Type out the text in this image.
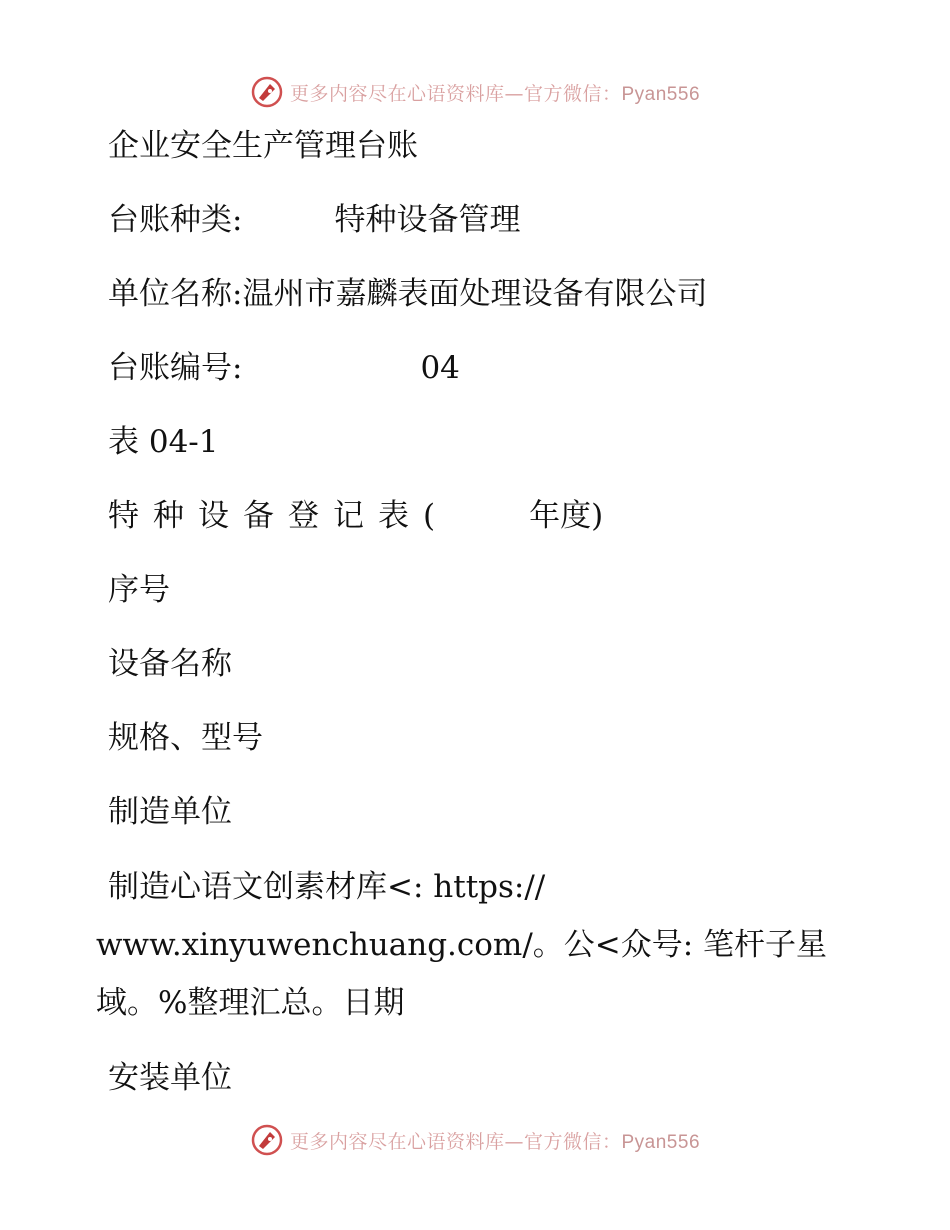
更多内容尽在心语资料库—官方微信：Pyan556
企业安全生产管理台账
台账种类:	特种设备管理
单位名称:温州市嘉麟表面处理设备有限公司
台账编号:	04
表 04-1
特种设备登记表(	年度)
序号
设备名称
规格、型号
制造单位
制造心语文创素材库<: https://
www.xinyuwenchuang.com/。公<众号: 笔杆子星
域。%整理汇总。日期
安装单位
更多内容尽在心语资料库—官方微信：Pyan556
